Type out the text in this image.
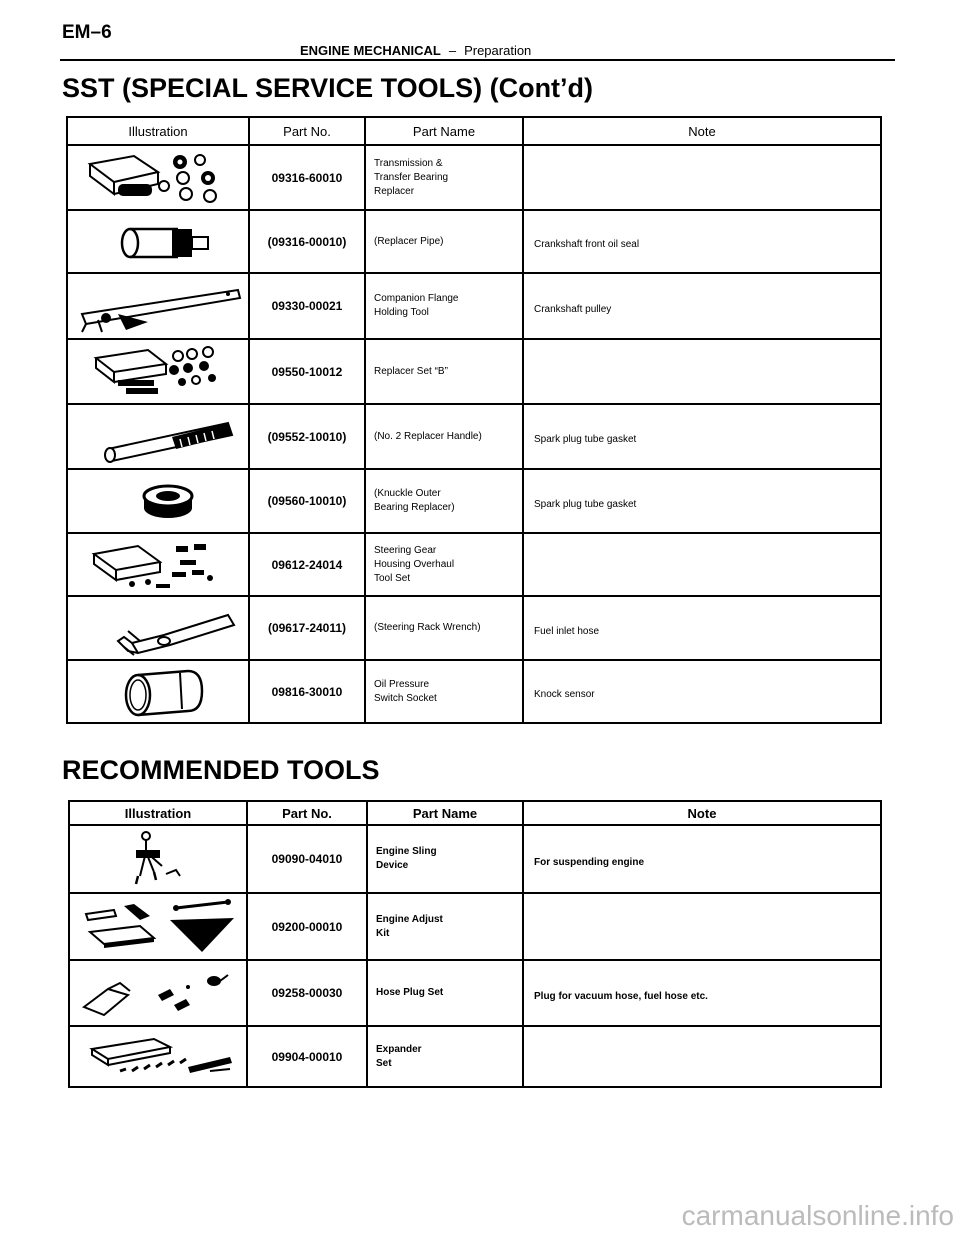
EM–6
ENGINE MECHANICAL – Preparation
SST (SPECIAL SERVICE TOOLS) (Cont’d)
Illustration	Part No.	Part Name	Note

	09316-60010	Transmission &
Transfer Bearing
Replacer	

	(09316-00010)	(Replacer Pipe)	Crankshaft front oil seal

	09330-00021	Companion Flange
Holding Tool	Crankshaft pulley

	09550-10012	Replacer Set “B”	

	(09552-10010)	(No. 2 Replacer Handle)	Spark plug tube gasket

	(09560-10010)	(Knuckle Outer
Bearing Replacer)	Spark plug tube gasket

	09612-24014	Steering Gear
Housing Overhaul
Tool Set	

	(09617-24011)	(Steering Rack Wrench)	Fuel inlet hose

	09816-30010	Oil Pressure
Switch Socket	Knock sensor
RECOMMENDED TOOLS
Illustration	Part No.	Part Name	Note

	09090-04010	Engine Sling
Device	For suspending engine

	09200-00010	Engine Adjust
Kit	

	09258-00030	Hose Plug Set	Plug for vacuum hose, fuel hose etc.

	09904-00010	Expander
Set	

carmanualsonline.info
